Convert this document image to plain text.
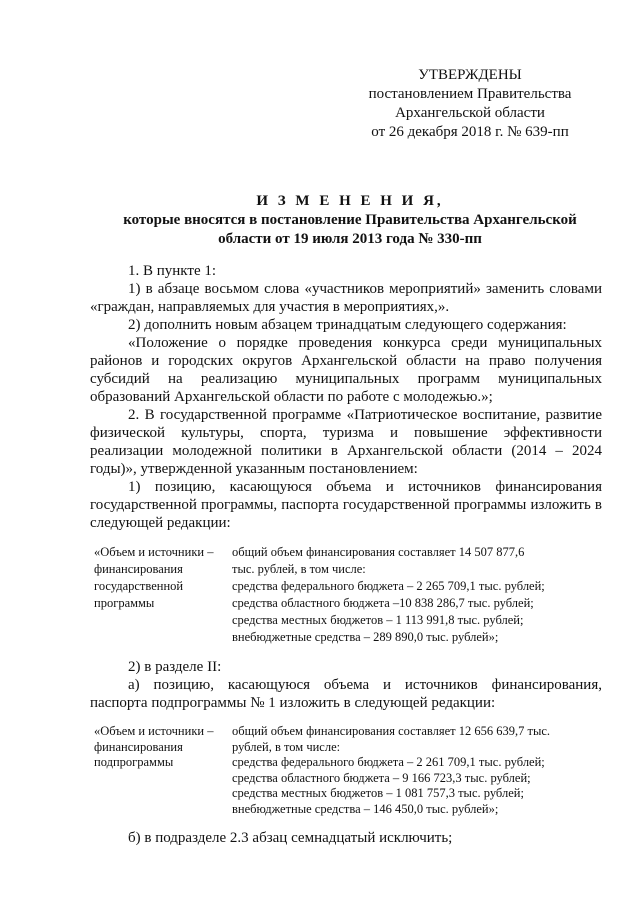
УТВЕРЖДЕНЫ
постановлением Правительства
Архангельской области
от 26 декабря 2018 г. № 639-пп
И З М Е Н Е Н И Я,
которые вносятся в постановление Правительства Архангельской
области от 19 июля 2013 года № 330-пп

1. В пункте 1:

1) в абзаце восьмом слова «участников мероприятий» заменить словами «граждан, направляемых для участия в мероприятиях,».

2) дополнить новым абзацем тринадцатым следующего содержания:

«Положение о порядке проведения конкурса среди муниципальных районов и городских округов Архангельской области на право получения субсидий на реализацию муниципальных программ муниципальных образований Архангельской области по работе с молодежью.»;

2. В государственной программе «Патриотическое воспитание, развитие физической культуры, спорта, туризма и повышение эффективности реализации молодежной политики в Архангельской области (2014 – 2024 годы)», утвержденной указанным постановлением:

1) позицию, касающуюся объема и источников финансирования государственной программы, паспорта государственной программы изложить в следующей редакции:

«Объем и источники –
финансирования
государственной
программы
общий объем финансирования составляет 14 507 877,6
тыс. рублей, в том числе:
средства федерального бюджета – 2 265 709,1 тыс. рублей;
средства областного бюджета –10 838 286,7 тыс. рублей;
средства местных бюджетов – 1 113 991,8 тыс. рублей;
внебюджетные средства – 289 890,0 тыс. рублей»;

2) в разделе II:

а) позицию, касающуюся объема и источников финансирования, паспорта подпрограммы № 1 изложить в следующей редакции:

«Объем и источники –
финансирования
подпрограммы
общий объем финансирования составляет 12 656 639,7 тыс.
рублей, в том числе:
средства федерального бюджета – 2 261 709,1 тыс. рублей;
средства областного бюджета – 9 166 723,3 тыс. рублей;
средства местных бюджетов – 1 081 757,3 тыс. рублей;
внебюджетные средства – 146 450,0 тыс. рублей»;

б) в подразделе 2.3 абзац семнадцатый исключить;
